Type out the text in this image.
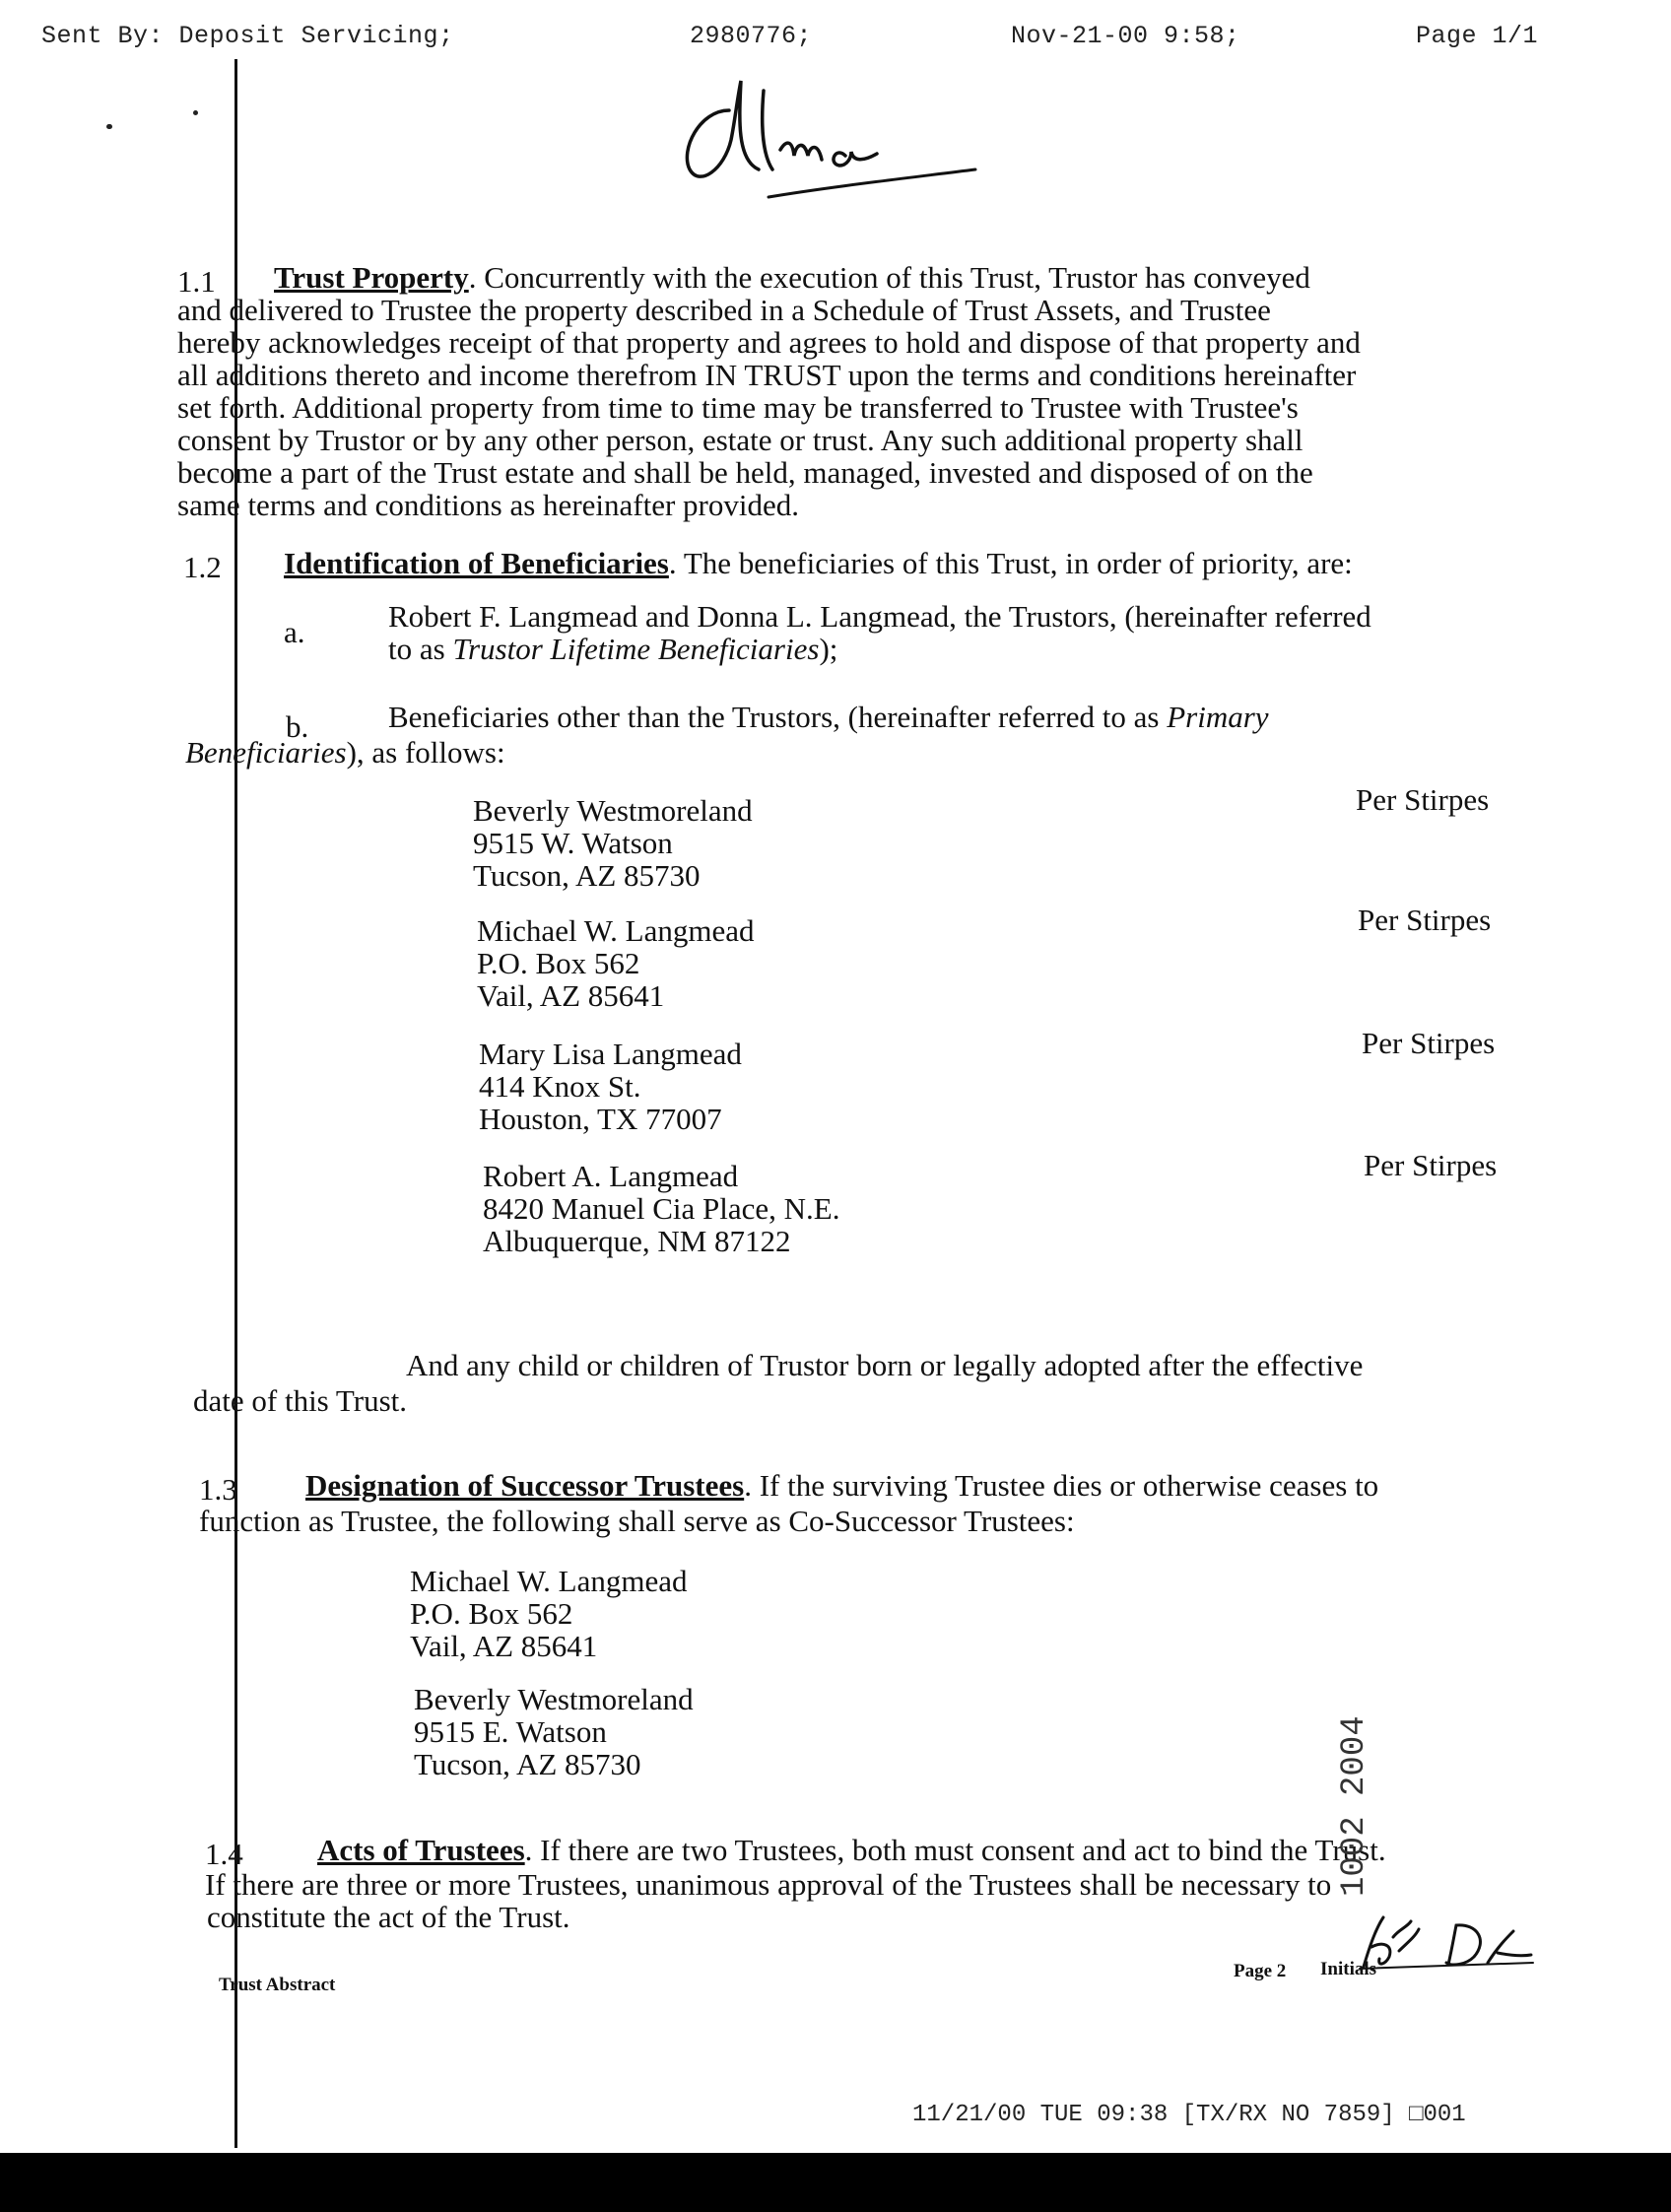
Sent By: Deposit Servicing;	2980776;	Nov-21-00 9:58;	Page 1/1
1.1 Trust Property. Concurrently with the execution of this Trust, Trustor has conveyed
and delivered to Trustee the property described in a Schedule of Trust Assets, and Trustee
hereby acknowledges receipt of that property and agrees to hold and dispose of that property and
all additions thereto and income therefrom IN TRUST upon the terms and conditions hereinafter
set forth. Additional property from time to time may be transferred to Trustee with Trustee's
consent by Trustor or by any other person, estate or trust. Any such additional property shall
become a part of the Trust estate and shall be held, managed, invested and disposed of on the
same terms and conditions as hereinafter provided.
1.2 Identification of Beneficiaries. The beneficiaries of this Trust, in order of priority, are:
a.	Robert F. Langmead and Donna L. Langmead, the Trustors, (hereinafter referred
to as Trustor Lifetime Beneficiaries);
b.	Beneficiaries other than the Trustors, (hereinafter referred to as Primary
Beneficiaries), as follows:
Beverly Westmoreland
9515 W. Watson
Tucson, AZ 85730
Per Stirpes
Michael W. Langmead
P.O. Box 562
Vail, AZ 85641
Per Stirpes
Mary Lisa Langmead
414 Knox St.
Houston, TX 77007
Per Stirpes
Robert A. Langmead
8420 Manuel Cia Place, N.E.
Albuquerque, NM 87122
Per Stirpes
And any child or children of Trustor born or legally adopted after the effective
date of this Trust.
1.3 Designation of Successor Trustees. If the surviving Trustee dies or otherwise ceases to
function as Trustee, the following shall serve as Co-Successor Trustees:
Michael W. Langmead
P.O. Box 562
Vail, AZ 85641
Beverly Westmoreland
9515 E. Watson
Tucson, AZ 85730
1.4 Acts of Trustees. If there are two Trustees, both must consent and act to bind the Trust.
If there are three or more Trustees, unanimous approval of the Trustees shall be necessary to
constitute the act of the Trust.
Trust Abstract
Page 2 Initials
1002 2004
11/21/00 TUE 09:38 [TX/RX NO 7859] □001
